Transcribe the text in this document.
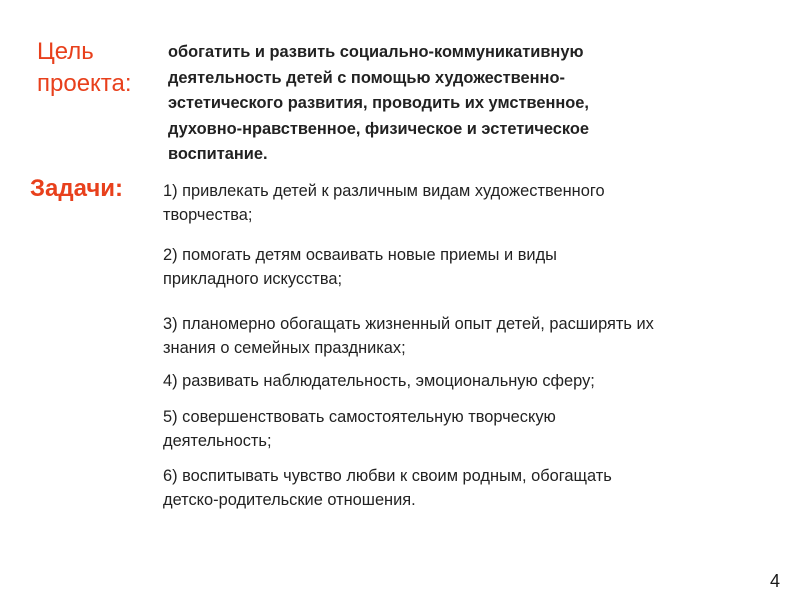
Цель
проекта:

обогатить и развить социально-коммуникативную
деятельность детей с помощью художественно-
эстетического развития, проводить их умственное,
духовно-нравственное, физическое и эстетическое
воспитание.

Задачи: 1) привлекать детей к различным видам художественного
творчества;

2) помогать детям осваивать новые приемы и виды
прикладного искусства;

3) планомерно обогащать жизненный опыт детей, расширять их
знания о семейных праздниках;

4) развивать наблюдательность, эмоциональную сферу;

5) совершенствовать самостоятельную творческую
деятельность;

6) воспитывать чувство любви к своим родным, обогащать
детско-родительские отношения.

4
